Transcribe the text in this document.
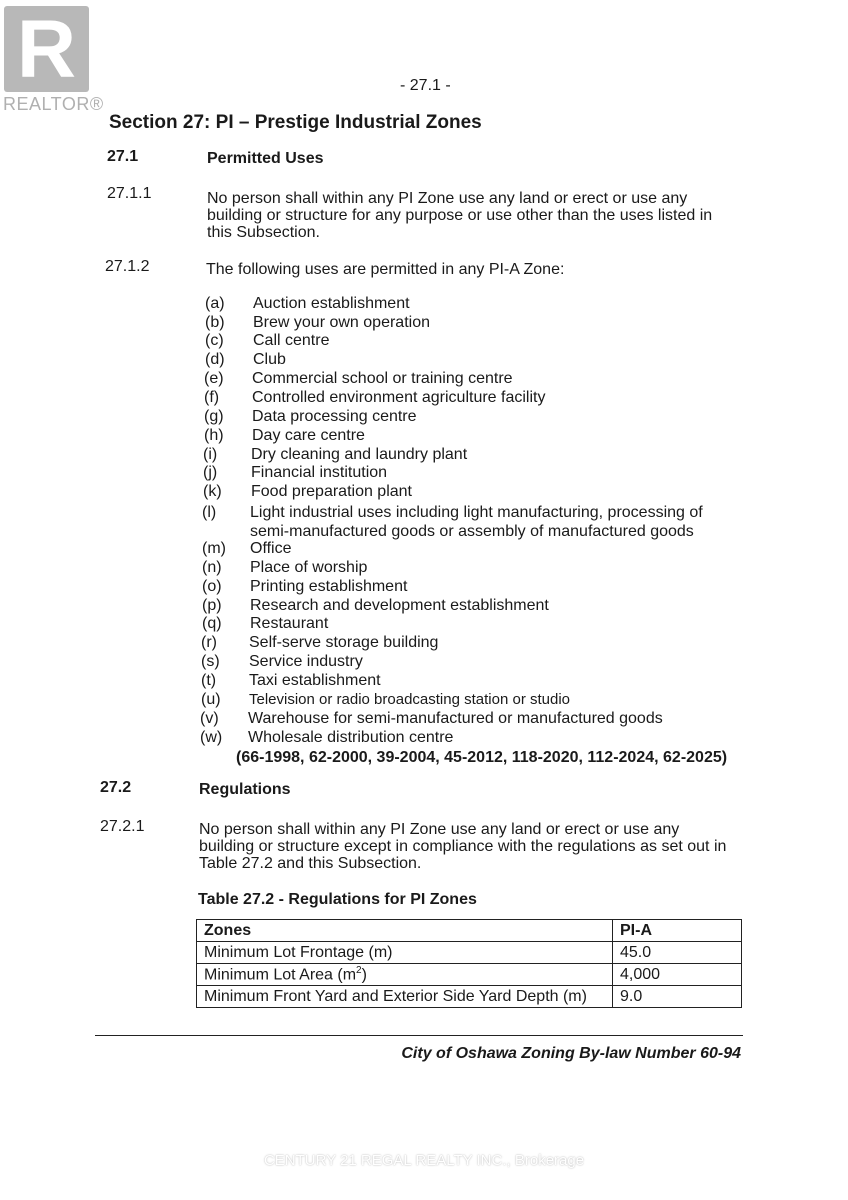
R
REALTOR®
- 27.1 -
Section 27: PI – Prestige Industrial Zones
27.1	Permitted Uses
27.1.1	No person shall within any PI Zone use any land or erect or use any
building or structure for any purpose or use other than the uses listed in
this Subsection.
27.1.2	The following uses are permitted in any PI-A Zone:
(a)	Auction establishment
(b)	Brew your own operation
(c)	Call centre
(d)	Club
(e)	Commercial school or training centre
(f)	Controlled environment agriculture facility
(g)	Data processing centre
(h)	Day care centre
(i)	Dry cleaning and laundry plant
(j)	Financial institution
(k)	Food preparation plant
(l)	Light industrial uses including light manufacturing, processing of
semi-manufactured goods or assembly of manufactured goods
(m)	Office
(n)	Place of worship
(o)	Printing establishment
(p)	Research and development establishment
(q)	Restaurant
(r)	Self-serve storage building
(s)	Service industry
(t)	Taxi establishment
(u)	Television or radio broadcasting station or studio
(v)	Warehouse for semi-manufactured or manufactured goods
(w)	Wholesale distribution centre
(66-1998, 62-2000, 39-2004, 45-2012, 118-2020, 112-2024, 62-2025)
27.2	Regulations
27.2.1	No person shall within any PI Zone use any land or erect or use any
building or structure except in compliance with the regulations as set out in
Table 27.2 and this Subsection.
Table 27.2 - Regulations for PI Zones
Zones	PI-A
Minimum Lot Frontage (m)	45.0
Minimum Lot Area $(m^2)$	4,000
Minimum Front Yard and Exterior Side Yard Depth (m)	9.0
City of Oshawa Zoning By-law Number 60-94
CENTURY 21 REGAL REALTY INC., Brokerage
